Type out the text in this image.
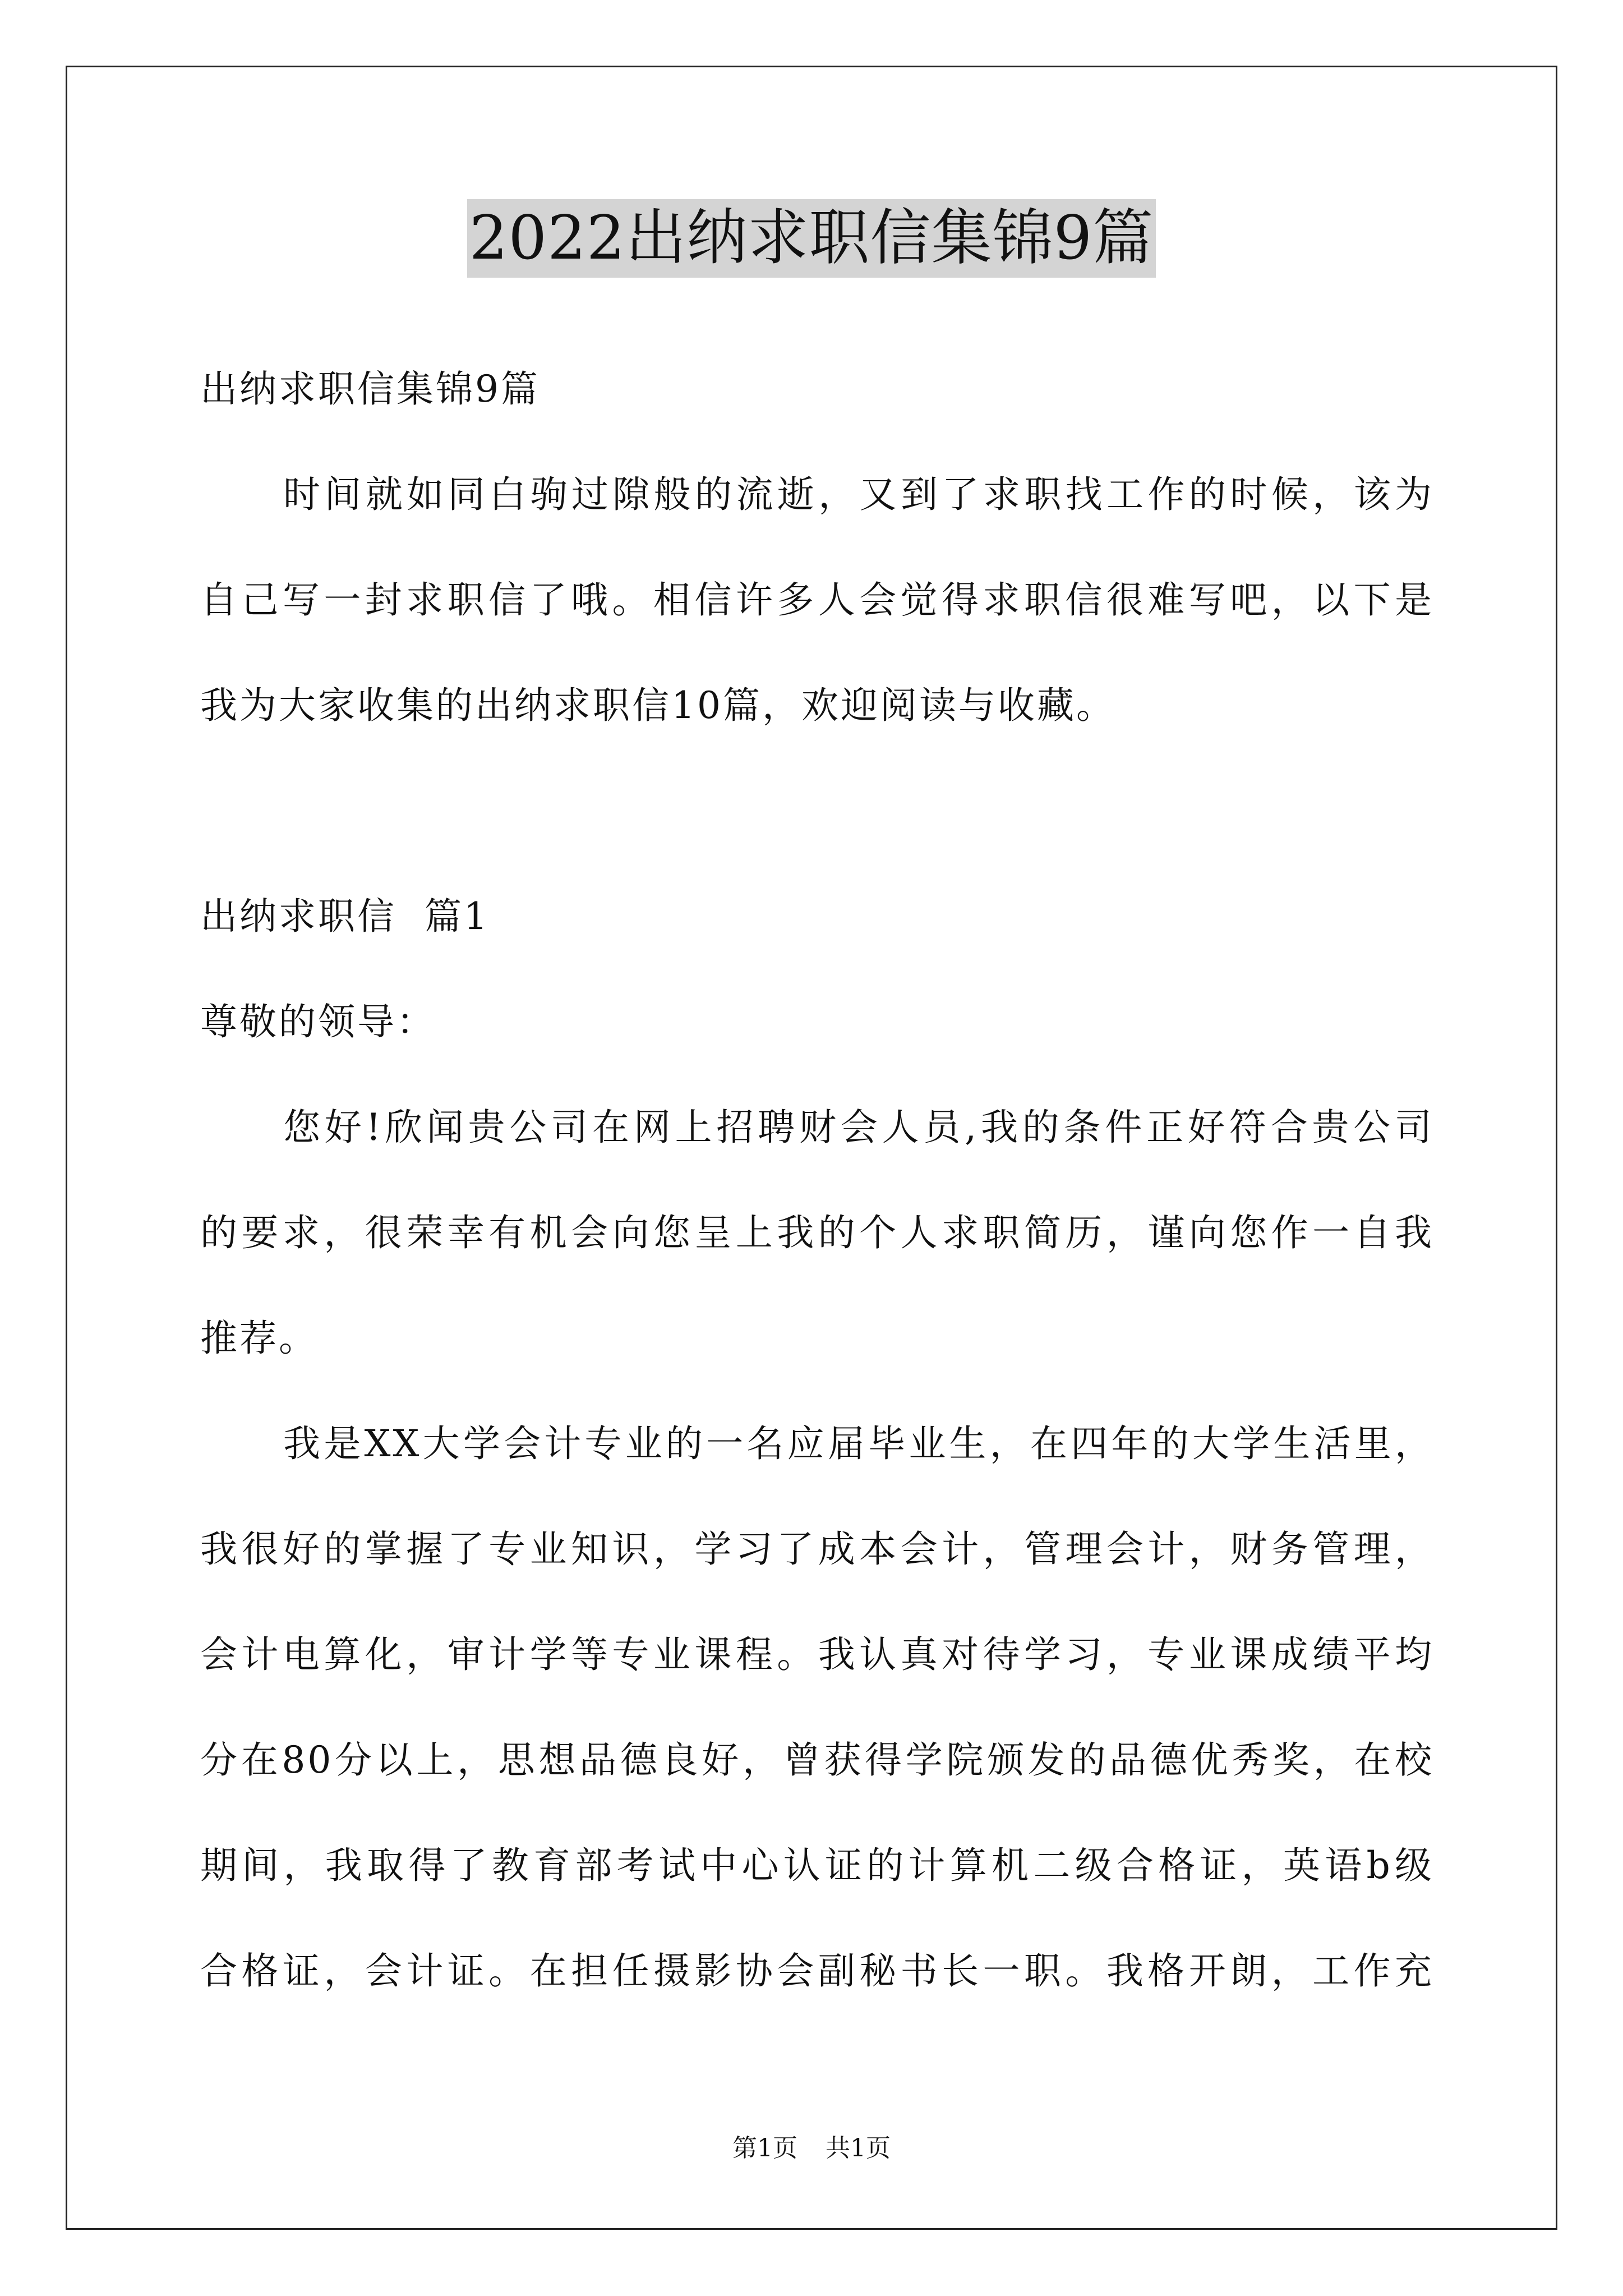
2022出纳求职信集锦9篇
出纳求职信集锦9篇
时间就如同白驹过隙般的流逝，又到了求职找工作的时候，该为
自己写一封求职信了哦。相信许多人会觉得求职信很难写吧，以下是
我为大家收集的出纳求职信10篇，欢迎阅读与收藏。
出纳求职信  篇1
尊敬的领导：
您好!欣闻贵公司在网上招聘财会人员,我的条件正好符合贵公司
的要求，很荣幸有机会向您呈上我的个人求职简历，谨向您作一自我
推荐。
我是XX大学会计专业的一名应届毕业生，在四年的大学生活里，
我很好的掌握了专业知识，学习了成本会计，管理会计，财务管理，
会计电算化，审计学等专业课程。我认真对待学习，专业课成绩平均
分在80分以上，思想品德良好，曾获得学院颁发的品德优秀奖，在校
期间，我取得了教育部考试中心认证的计算机二级合格证，英语b级
合格证，会计证。在担任摄影协会副秘书长一职。我格开朗，工作充
第1页 共1页
